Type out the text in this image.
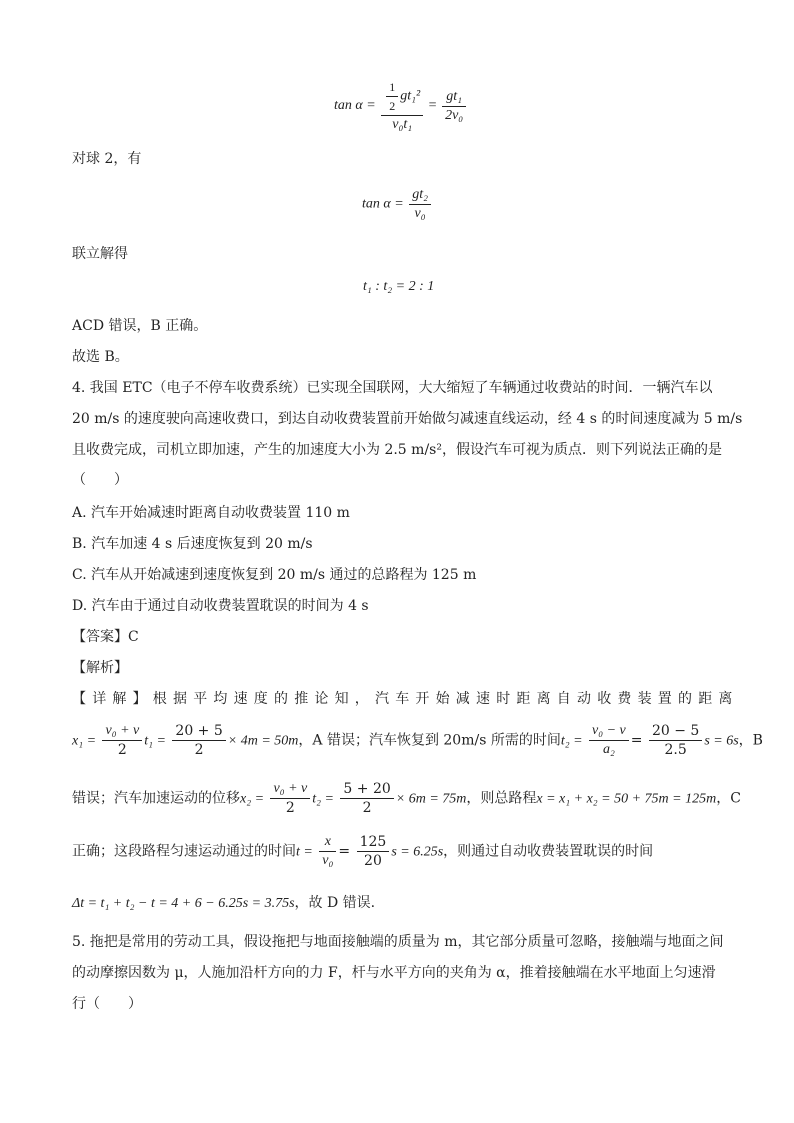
$\tan \alpha = \frac{\frac{1}{2} gt_1^2}{\text{v₀t₁}} = \frac{\text{gt₁}}{\text{2v₀}}$
对球 2，有
$\tan \alpha = \frac{\text{gt₂}}{\text{v₀}}$
联立解得
t₁ : t₂ = 2 : 1
ACD 错误，B 正确。
故选 B。
4. 我国 ETC（电子不停车收费系统）已实现全国联网，大大缩短了车辆通过收费站的时间．一辆汽车以
20 m/s 的速度驶向高速收费口，到达自动收费装置前开始做匀减速直线运动，经 4 s 的时间速度减为 5 m/s
且收费完成，司机立即加速，产生的加速度大小为 2.5 m/s²，假设汽车可视为质点．则下列说法正确的是
（　　）
A. 汽车开始减速时距离自动收费装置 110 m
B. 汽车加速 4 s 后速度恢复到 20 m/s
C. 汽车从开始减速到速度恢复到 20 m/s 通过的总路程为 125 m
D. 汽车由于通过自动收费装置耽误的时间为 4 s
【答案】C
【解析】
【详解】根据平均速度的推论知，汽车开始减速时距离自动收费装置的距离
$x_1 = \frac{\text{v₀ + v}}{2} t_1 = \frac{20 + 5}{2} \times 4m = 50m$，A 错误；汽车恢复到 20m/s 所需的时间$t_2 = \frac{\text{v₀ − v}}{\text{a₂}} = \frac{20 - 5}{2.5}$ s = 6s，B
错误；汽车加速运动的位移$x_2 = \frac{\text{v₀ + v}}{2} t_2 = \frac{5 + 20}{2} \times 6m = 75m$，则总路程x = x₁ + x₂ = 50 + 75m = 125m，C
正确；这段路程匀速运动通过的时间$t = \frac{x}{\text{v₀}} = \frac{125}{20}$ s = 6.25s，则通过自动收费装置耽误的时间
Δt = t₁ + t₂ − t = 4 + 6 − 6.25s = 3.75s，故 D 错误.
5. 拖把是常用的劳动工具，假设拖把与地面接触端的质量为 m，其它部分质量可忽略，接触端与地面之间
的动摩擦因数为 μ，人施加沿杆方向的力 F，杆与水平方向的夹角为 α，推着接触端在水平地面上匀速滑
行（　　）
